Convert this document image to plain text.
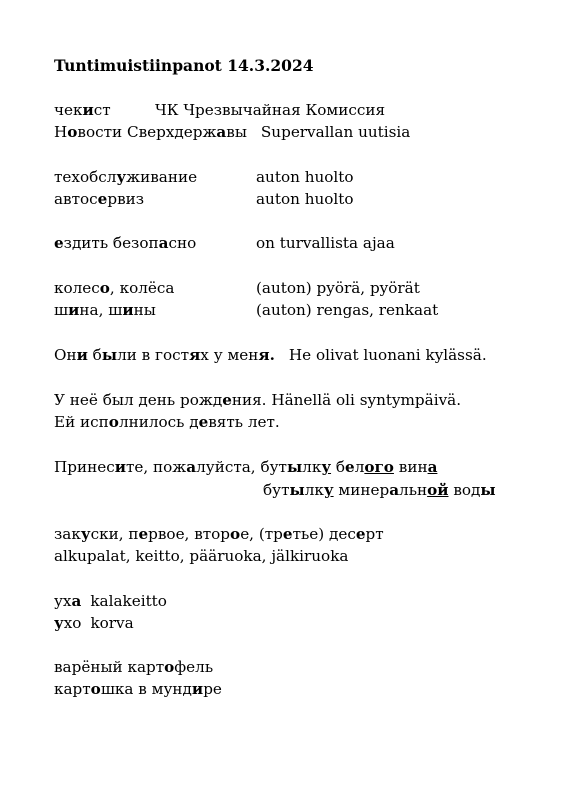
Tuntimuistiinpanot 14.3.2024
чекист	ЧК Чрезвычайная Комиссия
Новости Сверхдержавы Supervallan uutisia
техобслуживание	auton huolto
автосервиз	auton huolto
ездить безопасно	on turvallista ajaa
колесо, колёса	(auton) pyörä, pyörät
шина, шины	(auton) rengas, renkaat
Они были в гостях у меня. He olivat luonani kylässä.
У неё был день рождения. Hänellä oli syntympäivä.
Ей исполнилось девять лет.
Принесите, пожалуйста, бутылку белого вина
бутылку минеральной воды
закуски, первое, второе, (третье) десерт
alkupalat, keitto, pääruoka, jälkiruoka
уха kalakeitto
ухо korva
варёный картофель
картошка в мундире
